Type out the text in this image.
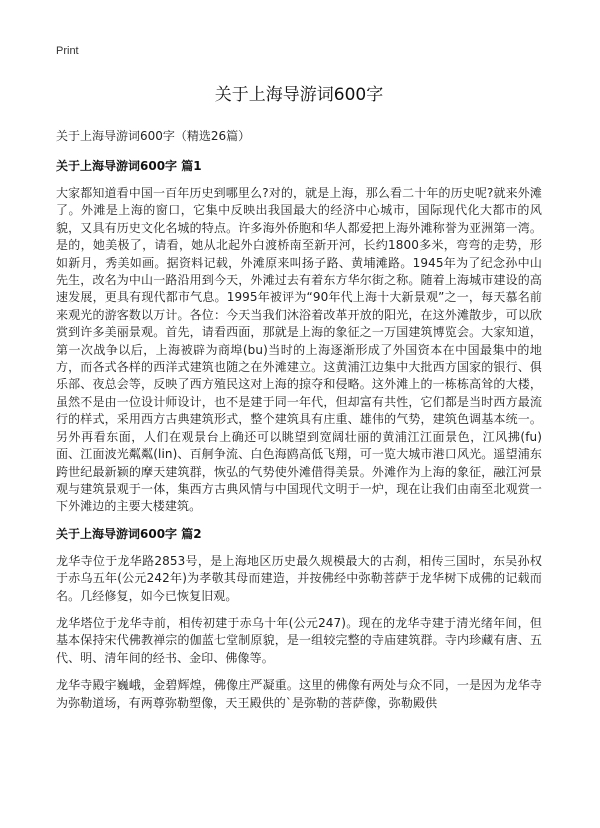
Print
关于上海导游词600字
关于上海导游词600字（精选26篇）
关于上海导游词600字 篇1

大家都知道看中国一百年历史到哪里么?对的，就是上海，那么看二十年的历史呢?就来外滩了。外滩是上海的窗口，它集中反映出我国最大的经济中心城市，国际现代化大都市的风貌，又具有历史文化名城的特点。许多海外侨胞和华人都爱把上海外滩称誉为亚洲第一湾。是的，她美极了，请看，她从北起外白渡桥南至新开河，长约1800多米，弯弯的走势，形如新月，秀美如画。据资料记载，外滩原来叫扬子路、黄埔滩路。1945年为了纪念孙中山先生，改名为中山一路沿用到今天，外滩过去有着东方华尔街之称。随着上海城市建设的高速发展，更具有现代都市气息。1995年被评为“90年代上海十大新景观”之一，每天慕名前来观光的游客数以万计。各位：今天当我们沐浴着改革开放的阳光，在这外滩散步，可以欣赏到许多美丽景观。首先，请看西面，那就是上海的象征之一万国建筑博览会。大家知道，第一次战争以后，上海被辟为商埠(bu)当时的上海逐渐形成了外国资本在中国最集中的地方，而各式各样的西洋式建筑也随之在外滩建立。这黄浦江边集中大批西方国家的银行、俱乐部、夜总会等，反映了西方殖民这对上海的掠夺和侵略。这外滩上的一栋栋高耸的大楼，虽然不是由一位设计师设计，也不是建于同一年代，但却富有共性，它们都是当时西方最流行的样式，采用西方古典建筑形式，整个建筑具有庄重、雄伟的气势，建筑色调基本统一。另外再看东面，人们在观景台上确还可以眺望到宽阔壮丽的黄浦江江面景色，江风拂(fu)面、江面波光粼粼(lin)、百舸争流、白色海鸥高低飞翔，可一览大城市港口风光。遥望浦东跨世纪最新颖的摩天建筑群，恢弘的气势使外滩借得美景。外滩作为上海的象征，融江河景观与建筑景观于一体，集西方古典风情与中国现代文明于一炉，现在让我们由南至北观赏一下外滩边的主要大楼建筑。

关于上海导游词600字 篇2

龙华寺位于龙华路2853号，是上海地区历史最久规模最大的古刹，相传三国时，东吴孙权于赤乌五年(公元242年)为孝敬其母而建造，并按佛经中弥勒菩萨于龙华树下成佛的记载而名。几经修复，如今已恢复旧观。

龙华塔位于龙华寺前，相传初建于赤乌十年(公元247)。现在的龙华寺建于清光绪年间，但基本保持宋代佛教禅宗的伽蓝七堂制原貌，是一组较完整的寺庙建筑群。寺内珍藏有唐、五代、明、清年间的经书、金印、佛像等。

龙华寺殿宇巍峨，金碧辉煌，佛像庄严凝重。这里的佛像有两处与众不同，一是因为龙华寺为弥勒道场，有两尊弥勒塑像，天王殿供的`是弥勒的菩萨像，弥勒殿供
